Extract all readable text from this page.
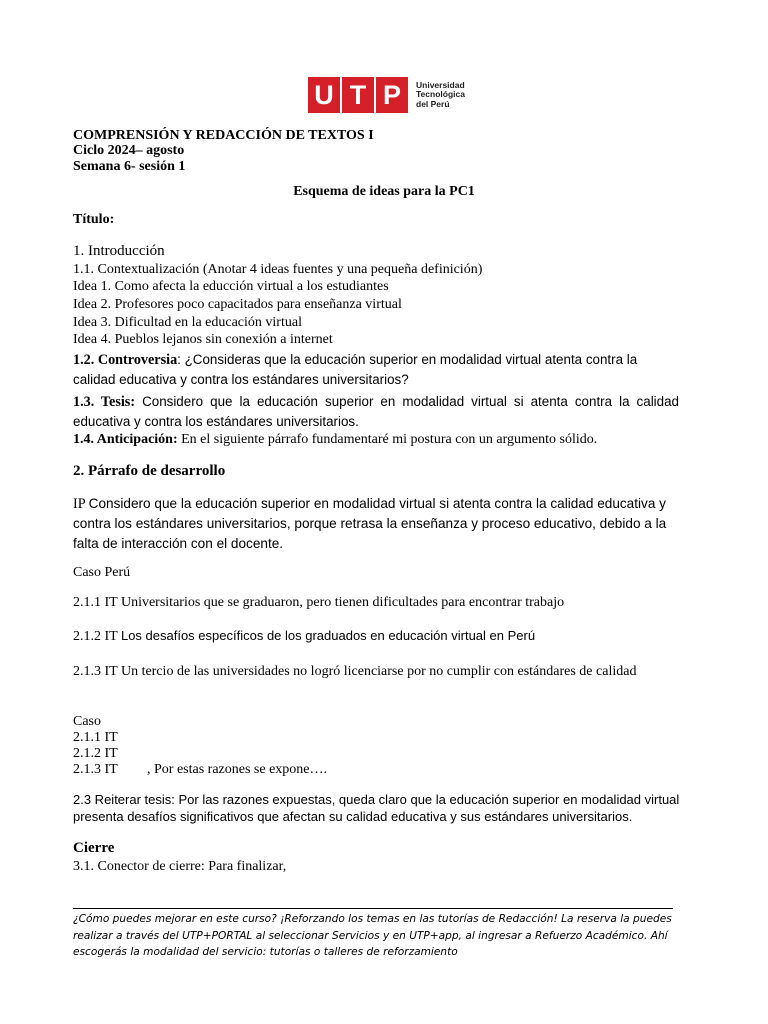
U T P	Universidad
Tecnológica
del Perú
COMPRENSIÓN Y REDACCIÓN DE TEXTOS I
Ciclo 2024– agosto
Semana 6- sesión 1
Esquema de ideas para la PC1
Título:
1. Introducción
1.1. Contextualización (Anotar 4 ideas fuentes y una pequeña definición)
Idea 1. Como afecta la educción virtual a los estudiantes
Idea 2. Profesores poco capacitados para enseñanza virtual
Idea 3. Dificultad en la educación virtual
Idea 4. Pueblos lejanos sin conexión a internet
1.2. Controversia: ¿Consideras que la educación superior en modalidad virtual atenta contra la calidad educativa y contra los estándares universitarios?
1.3. Tesis: Considero que la educación superior en modalidad virtual si atenta contra la calidad educativa y contra los estándares universitarios.
1.4. Anticipación: En el siguiente párrafo fundamentaré mi postura con un argumento sólido.
2. Párrafo de desarrollo
IP Considero que la educación superior en modalidad virtual si atenta contra la calidad educativa y contra los estándares universitarios, porque retrasa la enseñanza y proceso educativo, debido a la falta de interacción con el docente.
Caso Perú
2.1.1 IT Universitarios que se graduaron, pero tienen dificultades para encontrar trabajo
2.1.2 IT Los desafíos específicos de los graduados en educación virtual en Perú
2.1.3 IT Un tercio de las universidades no logró licenciarse por no cumplir con estándares de calidad
Caso
2.1.1 IT
2.1.2 IT
2.1.3 IT , Por estas razones se expone….
2.3 Reiterar tesis: Por las razones expuestas, queda claro que la educación superior en modalidad virtual presenta desafíos significativos que afectan su calidad educativa y sus estándares universitarios.
Cierre
3.1. Conector de cierre: Para finalizar,
¿Cómo puedes mejorar en este curso? ¡Reforzando los temas en las tutorías de Redacción! La reserva la puedes realizar a través del UTP+PORTAL al seleccionar Servicios y en UTP+app, al ingresar a Refuerzo Académico. Ahí escogerás la modalidad del servicio: tutorías o talleres de reforzamiento
